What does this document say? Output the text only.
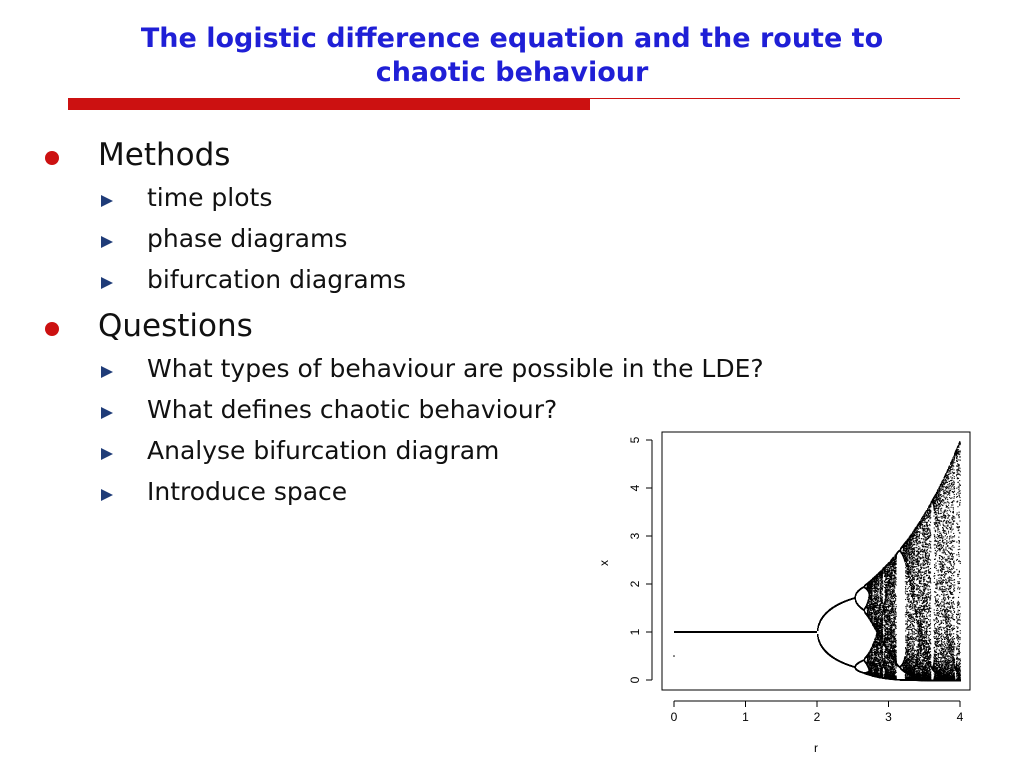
The logistic difference equation and the route to
chaotic behaviour
Methods
time plots
phase diagrams
bifurcation diagrams
Questions
What types of behaviour are possible in the LDE?
What defines chaotic behaviour?
Analyse bifurcation diagram
Introduce space
0	1	2	3	4
0
1
2
3
4
5
r
x
